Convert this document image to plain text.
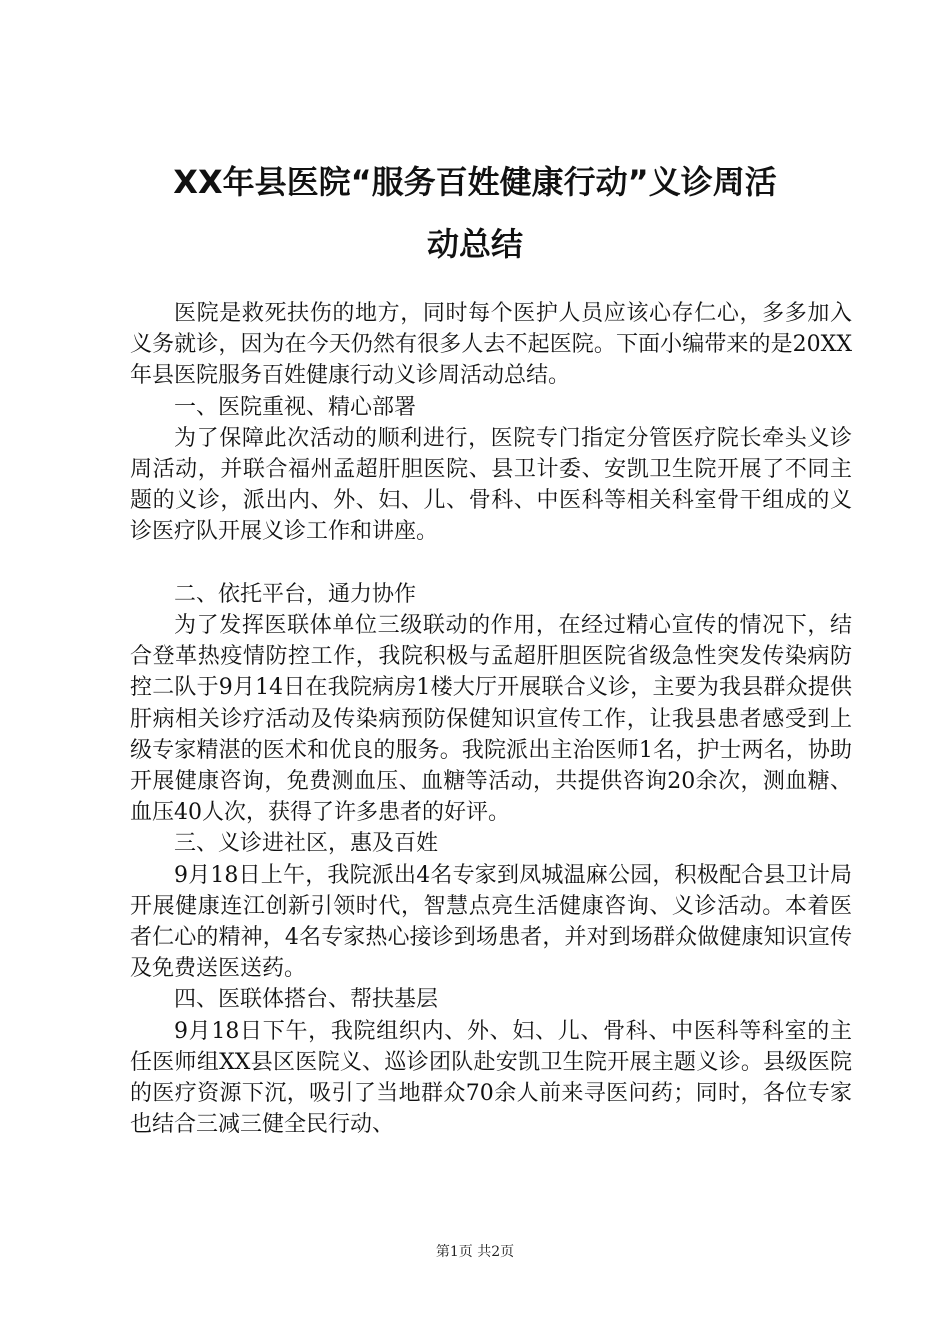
XX年县医院“服务百姓健康行动”义诊周活
动总结

医院是救死扶伤的地方，同时每个医护人员应该心存仁心，多多加入义务就诊，因为在今天仍然有很多人去不起医院。下面小编带来的是20XX年县医院服务百姓健康行动义诊周活动总结。

一、医院重视、精心部署

为了保障此次活动的顺利进行，医院专门指定分管医疗院长牵头义诊周活动，并联合福州孟超肝胆医院、县卫计委、安凯卫生院开展了不同主题的义诊，派出内、外、妇、儿、骨科、中医科等相关科室骨干组成的义诊医疗队开展义诊工作和讲座。

二、依托平台，通力协作

为了发挥医联体单位三级联动的作用，在经过精心宣传的情况下，结合登革热疫情防控工作，我院积极与孟超肝胆医院省级急性突发传染病防控二队于9月14日在我院病房1楼大厅开展联合义诊，主要为我县群众提供肝病相关诊疗活动及传染病预防保健知识宣传工作，让我县患者感受到上级专家精湛的医术和优良的服务。我院派出主治医师1名，护士两名，协助开展健康咨询，免费测血压、血糖等活动，共提供咨询20余次，测血糖、血压40人次，获得了许多患者的好评。

三、义诊进社区，惠及百姓

9月18日上午，我院派出4名专家到凤城温麻公园，积极配合县卫计局开展健康连江创新引领时代，智慧点亮生活健康咨询、义诊活动。本着医者仁心的精神，4名专家热心接诊到场患者，并对到场群众做健康知识宣传及免费送医送药。

四、医联体搭台、帮扶基层

9月18日下午，我院组织内、外、妇、儿、骨科、中医科等科室的主任医师组XX县区医院义、巡诊团队赴安凯卫生院开展主题义诊。县级医院的医疗资源下沉，吸引了当地群众70余人前来寻医问药；同时，各位专家也结合三减三健全民行动、

第1页 共2页
